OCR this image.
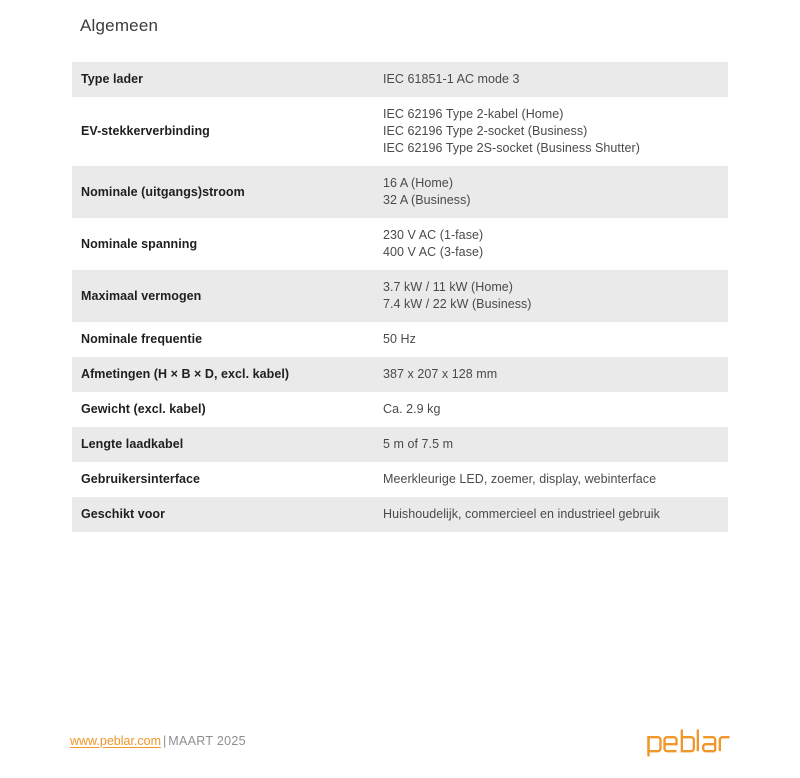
Algemeen
Type lader	IEC 61851-1 AC mode 3

EV-stekkerverbinding	IEC 62196 Type 2-kabel (Home)
IEC 62196 Type 2-socket (Business)
IEC 62196 Type 2S-socket (Business Shutter)

Nominale (uitgangs)stroom	16 A (Home)
32 A (Business)

Nominale spanning	230 V AC (1-fase)
400 V AC (3-fase)

Maximaal vermogen	3.7 kW / 11 kW (Home)
7.4 kW / 22 kW (Business)

Nominale frequentie	50 Hz

Afmetingen (H × B × D, excl. kabel)	387 x 207 x 128 mm

Gewicht (excl. kabel)	Ca. 2.9 kg

Lengte laadkabel	5 m of 7.5 m

Gebruikersinterface	Meerkleurige LED, zoemer, display, webinterface

Geschikt voor	Huishoudelijk, commercieel en industrieel gebruik
www.peblar.com | MAART 2025
